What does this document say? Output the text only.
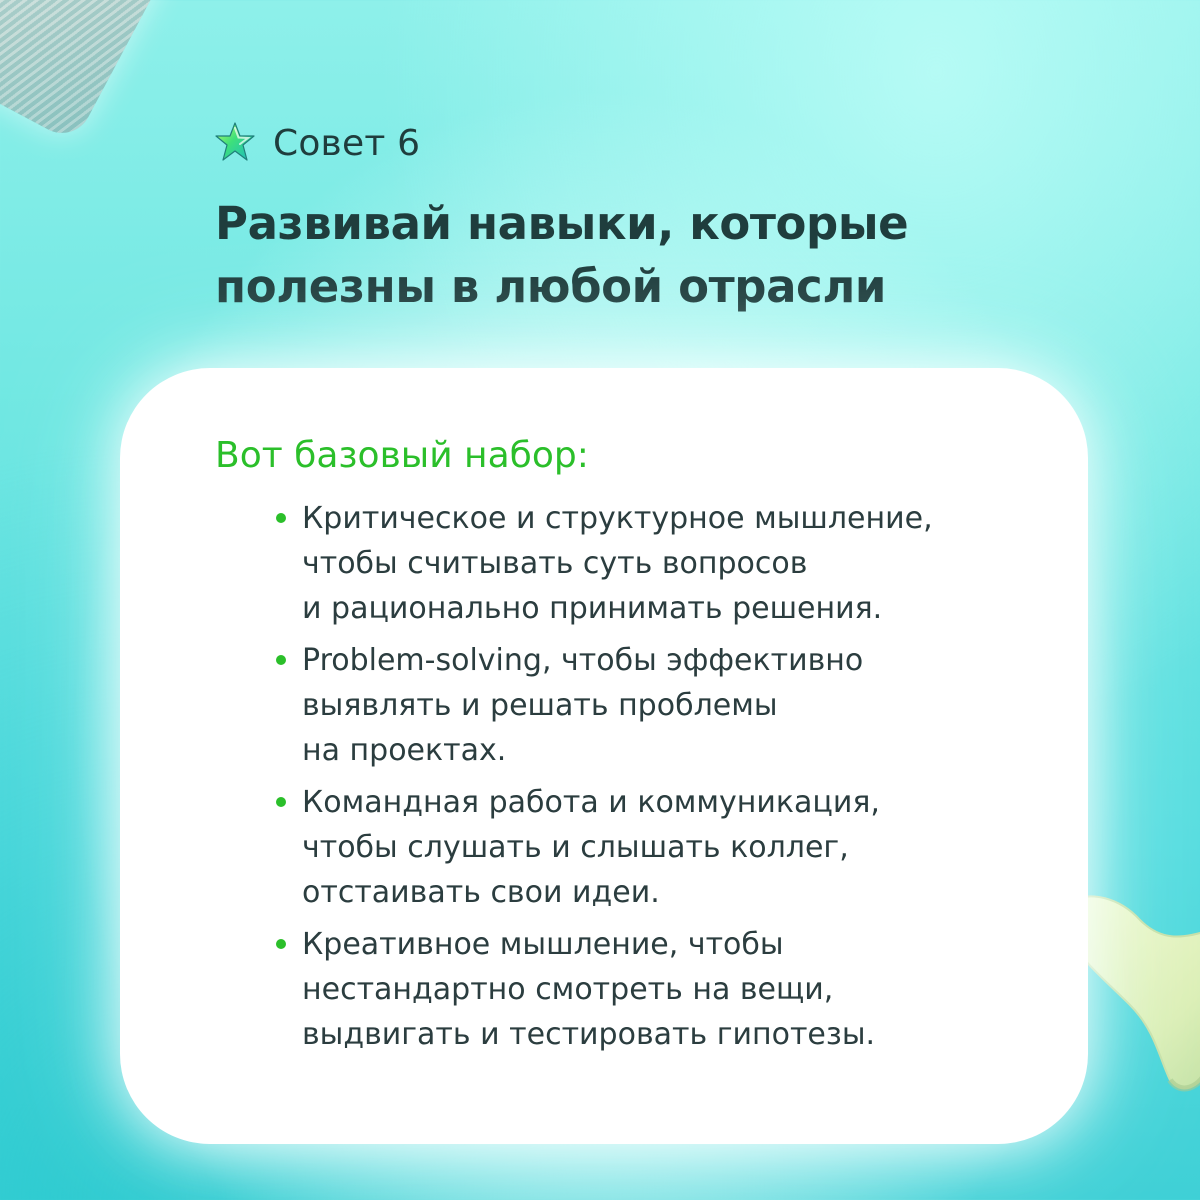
Совет 6
Развивай навыки, которые
полезны в любой отрасли
Вот базовый набор:
Критическое и структурное мышление,
чтобы считывать суть вопросов
и рационально принимать решения.
Problem-solving, чтобы эффективно
выявлять и решать проблемы
на проектах.
Командная работа и коммуникация,
чтобы слушать и слышать коллег,
отстаивать свои идеи.
Креативное мышление, чтобы
нестандартно смотреть на вещи,
выдвигать и тестировать гипотезы.
